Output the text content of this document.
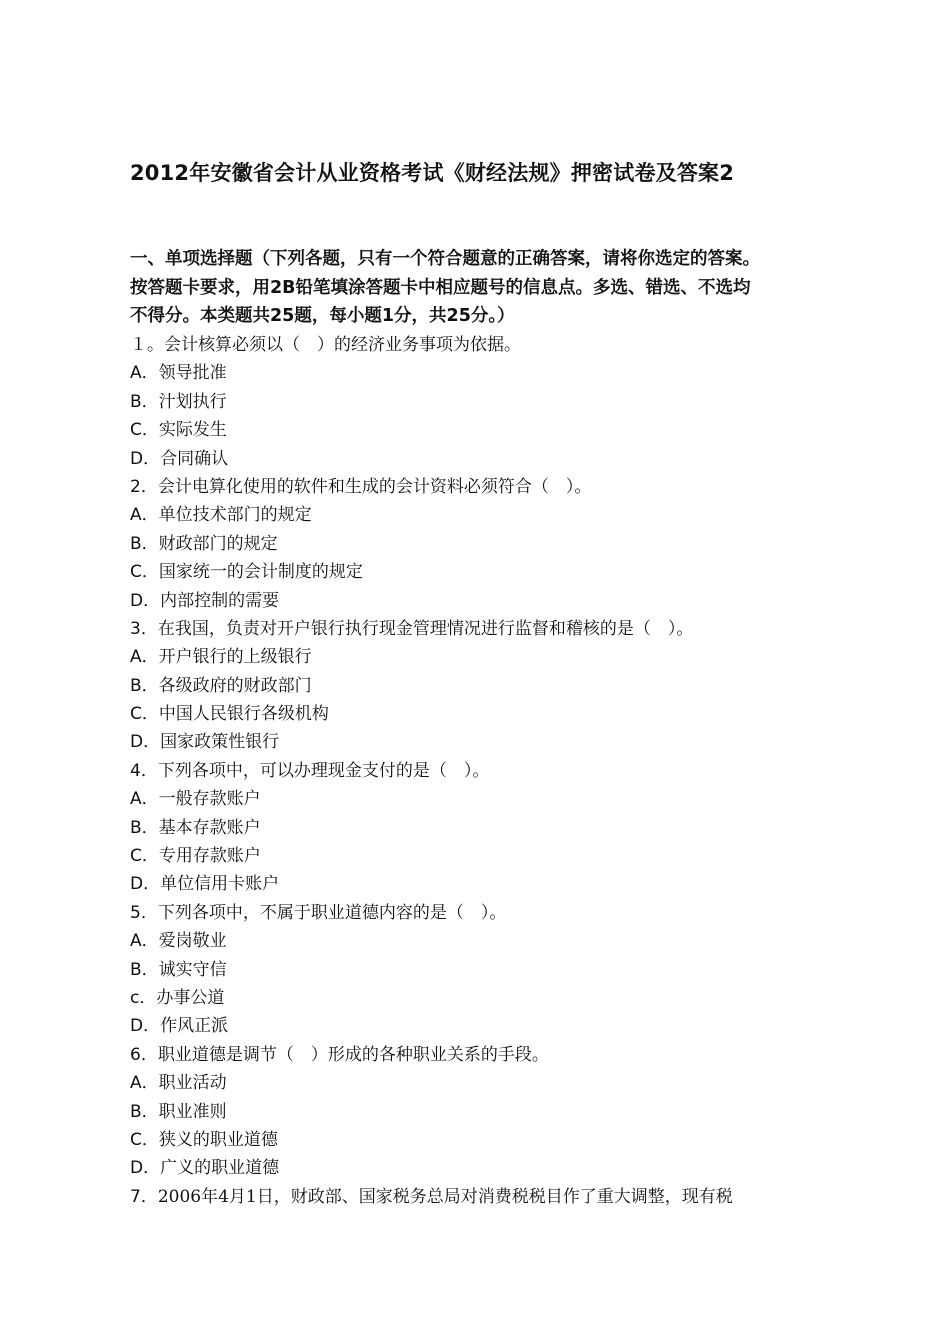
2012年安徽省会计从业资格考试《财经法规》押密试卷及答案2
一、单项选择题（下列各题，只有一个符合题意的正确答案，请将你选定的答案。
按答题卡要求，用2B铅笔填涂答题卡中相应题号的信息点。多选、错选、不选均
不得分。本类题共25题，每小题1分，共25分。）
１。会计核算必须以（　）的经济业务事项为依据。
A．领导批准
B．汁划执行
C．实际发生
D．合同确认
2．会计电算化使用的软件和生成的会计资料必须符合（　）。
A．单位技术部门的规定
B．财政部门的规定
C．国家统一的会计制度的规定
D．内部控制的需要
3．在我国，负责对开户银行执行现金管理情况进行监督和稽核的是（　）。
A．开户银行的上级银行
B．各级政府的财政部门
C．中国人民银行各级机构
D．国家政策性银行
4．下列各项中，可以办理现金支付的是（　）。
A．一般存款账户
B．基本存款账户
C．专用存款账户
D．单位信用卡账户
5．下列各项中，不属于职业道德内容的是（　）。
A．爱岗敬业
B．诚实守信
c．办事公道
D．作风正派
6．职业道德是调节（　）形成的各种职业关系的手段。
A．职业活动
B．职业准则
C．狭义的职业道德
D．广义的职业道德
7．2006年4月1日，财政部、国家税务总局对消费税税目作了重大调整，现有税
